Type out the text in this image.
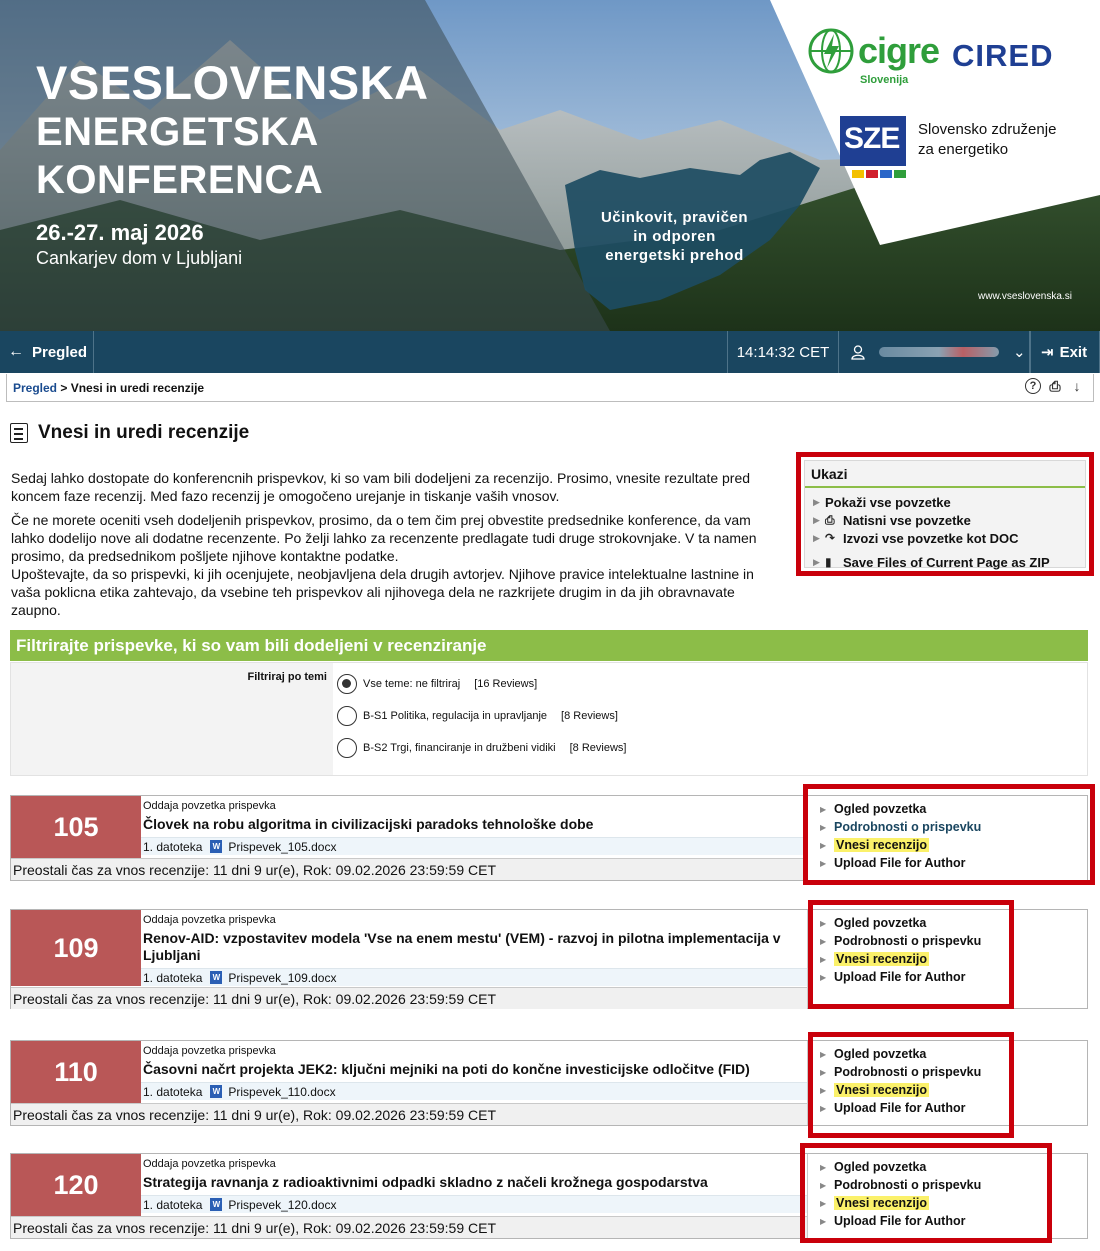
VSESLOVENSKA
ENERGETSKA
KONFERENCA
26.-27. maj 2026
Cankarjev dom v Ljubljani
Učinkovit, pravičen
in odporen
energetski prehod
www.vseslovenska.si
cigre
Slovenija
CIRED
SZE Slovensko združenje
za energetiko
← Pregled	14:14:32 CET	⌄ ⇥ Exit
Pregled > Vnesi in uredi recenzije	? ⎙ ↓
Vnesi in uredi recenzije

Sedaj lahko dostopate do konferencnih prispevkov, ki so vam bili dodeljeni za recenzijo. Prosimo, vnesite rezultate pred koncem faze recenzij. Med fazo recenzij je omogočeno urejanje in tiskanje vaših vnosov.

Če ne morete oceniti vseh dodeljenih prispevkov, prosimo, da o tem čim prej obvestite predsednike konference, da vam lahko dodelijo nove ali dodatne recenzente. Po želji lahko za recenzente predlagate tudi druge strokovnjake. V ta namen prosimo, da predsednikom pošljete njihove kontaktne podatke.

Upoštevajte, da so prispevki, ki jih ocenjujete, neobjavljena dela drugih avtorjev. Njihove pravice intelektualne lastnine in vaša poklicna etika zahtevajo, da vsebine teh prispevkov ali njihovega dela ne razkrijete drugim in da jih obravnavate zaupno.

Ukazi
▶ Pokaži vse povzetke
▶ ⎙ Natisni vse povzetke
▶ ↷ Izvozi vse povzetke kot DOC
▶ ▮ Save Files of Current Page as ZIP
Filtrirajte prispevke, ki so vam bili dodeljeni v recenziranje
Filtriraj po temi
Vse teme: ne filtriraj [16 Reviews]
B-S1 Politika, regulacija in upravljanje [8 Reviews]
B-S2 Trgi, financiranje in družbeni vidiki [8 Reviews]
105
Oddaja povzetka prispevka
Človek na robu algoritma in civilizacijski paradoks tehnološke dobe
1. datoteka W Prispevek_105.docx
Preostali čas za vnos recenzije: 11 dni 9 ur(e), Rok: 09.02.2026 23:59:59 CET
▶ Ogled povzetka
▶ Podrobnosti o prispevku
▶ Vnesi recenzijo
▶ Upload File for Author
109
Oddaja povzetka prispevka
Renov-AID: vzpostavitev modela 'Vse na enem mestu' (VEM) - razvoj in pilotna implementacija v Ljubljani
1. datoteka W Prispevek_109.docx
Preostali čas za vnos recenzije: 11 dni 9 ur(e), Rok: 09.02.2026 23:59:59 CET
▶ Ogled povzetka
▶ Podrobnosti o prispevku
▶ Vnesi recenzijo
▶ Upload File for Author
110
Oddaja povzetka prispevka
Časovni načrt projekta JEK2: ključni mejniki na poti do končne investicijske odločitve (FID)
1. datoteka W Prispevek_110.docx
Preostali čas za vnos recenzije: 11 dni 9 ur(e), Rok: 09.02.2026 23:59:59 CET
▶ Ogled povzetka
▶ Podrobnosti o prispevku
▶ Vnesi recenzijo
▶ Upload File for Author
120
Oddaja povzetka prispevka
Strategija ravnanja z radioaktivnimi odpadki skladno z načeli krožnega gospodarstva
1. datoteka W Prispevek_120.docx
Preostali čas za vnos recenzije: 11 dni 9 ur(e), Rok: 09.02.2026 23:59:59 CET
▶ Ogled povzetka
▶ Podrobnosti o prispevku
▶ Vnesi recenzijo
▶ Upload File for Author
